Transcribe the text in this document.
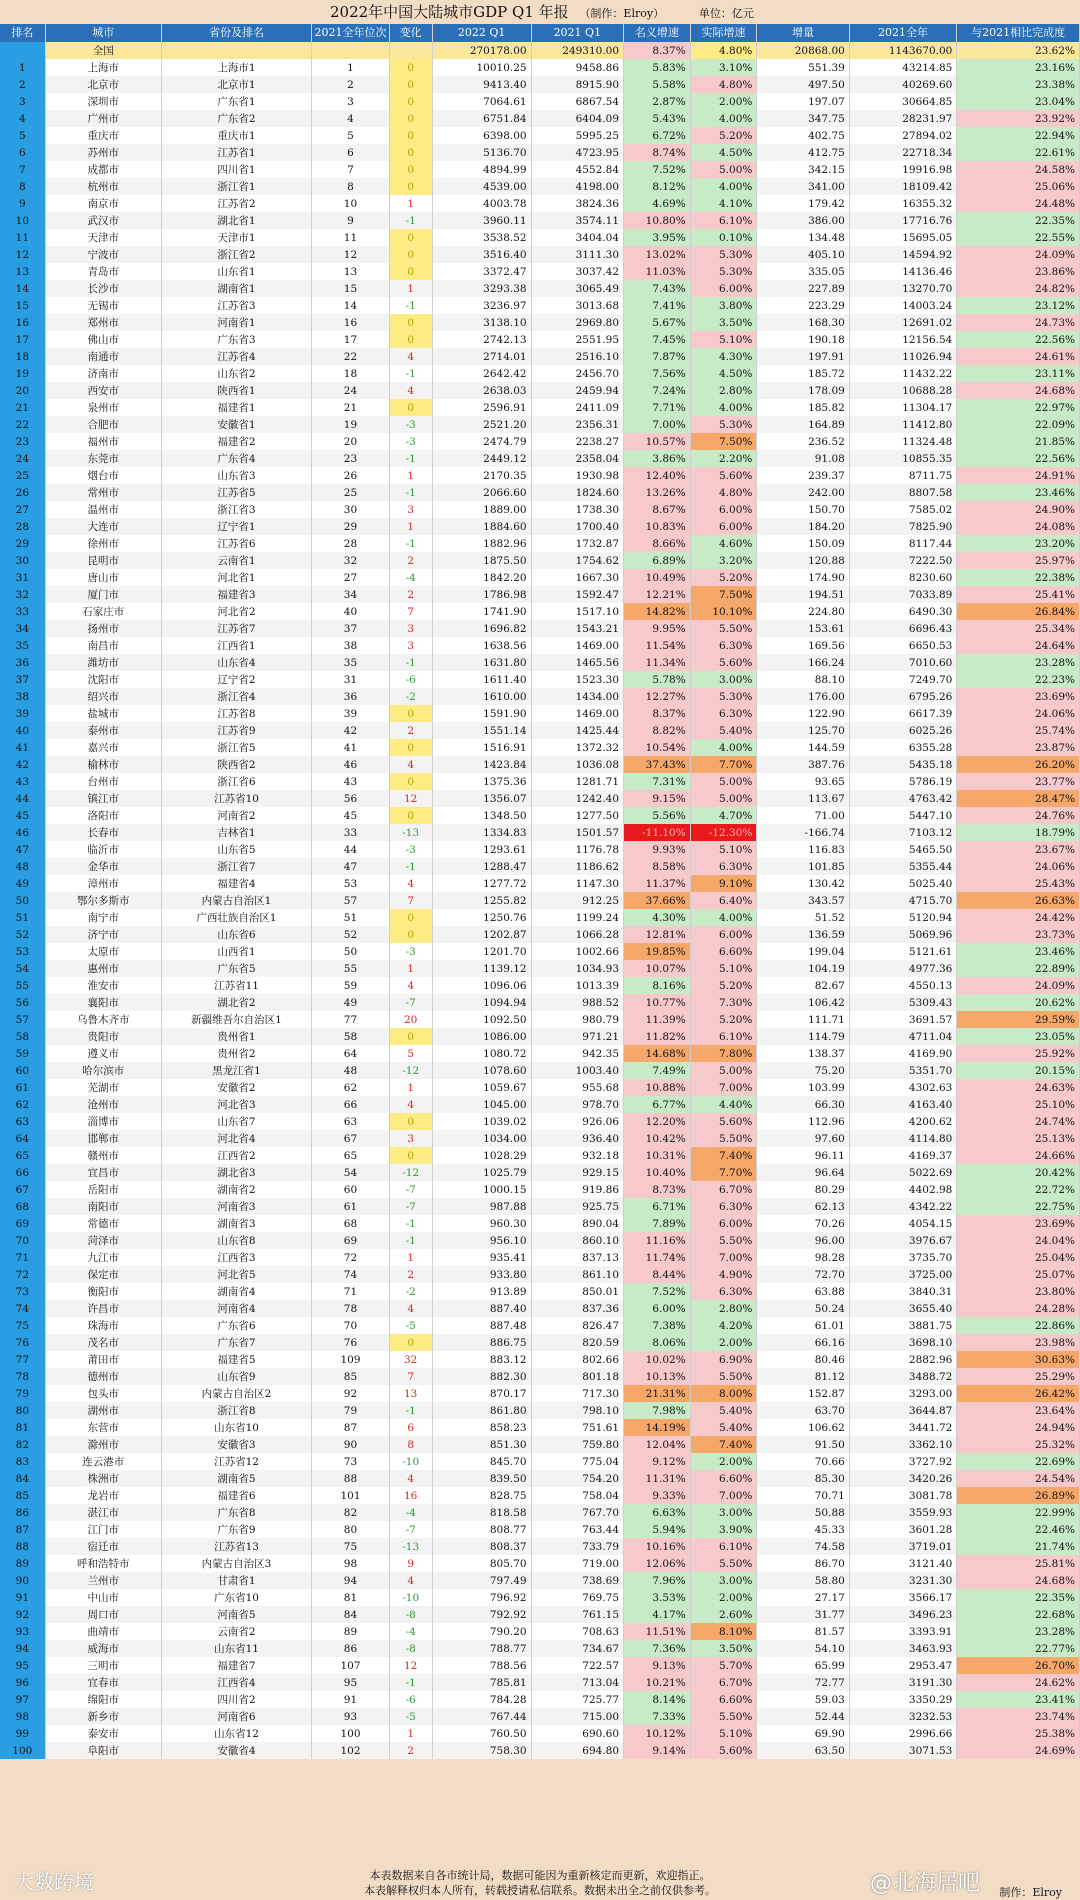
2022年中国大陆城市GDP Q1 年报 （制作：Elroy）	单位：亿元
排名	城市	省份及排名	2021全年位次	变化	2022 Q1	2021 Q1	名义增速	实际增速	增量	2021全年	与2021相比完成度
	全国				270178.00	249310.00	8.37%	4.80%	20868.00	1143670.00	23.62%
1	上海市	上海市1	1	0	10010.25	9458.86	5.83%	3.10%	551.39	43214.85	23.16%
2	北京市	北京市1	2	0	9413.40	8915.90	5.58%	4.80%	497.50	40269.60	23.38%
3	深圳市	广东省1	3	0	7064.61	6867.54	2.87%	2.00%	197.07	30664.85	23.04%
4	广州市	广东省2	4	0	6751.84	6404.09	5.43%	4.00%	347.75	28231.97	23.92%
5	重庆市	重庆市1	5	0	6398.00	5995.25	6.72%	5.20%	402.75	27894.02	22.94%
6	苏州市	江苏省1	6	0	5136.70	4723.95	8.74%	4.50%	412.75	22718.34	22.61%
7	成都市	四川省1	7	0	4894.99	4552.84	7.52%	5.00%	342.15	19916.98	24.58%
8	杭州市	浙江省1	8	0	4539.00	4198.00	8.12%	4.00%	341.00	18109.42	25.06%
9	南京市	江苏省2	10	1	4003.78	3824.36	4.69%	4.10%	179.42	16355.32	24.48%
10	武汉市	湖北省1	9	-1	3960.11	3574.11	10.80%	6.10%	386.00	17716.76	22.35%
11	天津市	天津市1	11	0	3538.52	3404.04	3.95%	0.10%	134.48	15695.05	22.55%
12	宁波市	浙江省2	12	0	3516.40	3111.30	13.02%	5.30%	405.10	14594.92	24.09%
13	青岛市	山东省1	13	0	3372.47	3037.42	11.03%	5.30%	335.05	14136.46	23.86%
14	长沙市	湖南省1	15	1	3293.38	3065.49	7.43%	6.00%	227.89	13270.70	24.82%
15	无锡市	江苏省3	14	-1	3236.97	3013.68	7.41%	3.80%	223.29	14003.24	23.12%
16	郑州市	河南省1	16	0	3138.10	2969.80	5.67%	3.50%	168.30	12691.02	24.73%
17	佛山市	广东省3	17	0	2742.13	2551.95	7.45%	5.10%	190.18	12156.54	22.56%
18	南通市	江苏省4	22	4	2714.01	2516.10	7.87%	4.30%	197.91	11026.94	24.61%
19	济南市	山东省2	18	-1	2642.42	2456.70	7.56%	4.50%	185.72	11432.22	23.11%
20	西安市	陕西省1	24	4	2638.03	2459.94	7.24%	2.80%	178.09	10688.28	24.68%
21	泉州市	福建省1	21	0	2596.91	2411.09	7.71%	4.00%	185.82	11304.17	22.97%
22	合肥市	安徽省1	19	-3	2521.20	2356.31	7.00%	5.30%	164.89	11412.80	22.09%
23	福州市	福建省2	20	-3	2474.79	2238.27	10.57%	7.50%	236.52	11324.48	21.85%
24	东莞市	广东省4	23	-1	2449.12	2358.04	3.86%	2.20%	91.08	10855.35	22.56%
25	烟台市	山东省3	26	1	2170.35	1930.98	12.40%	5.60%	239.37	8711.75	24.91%
26	常州市	江苏省5	25	-1	2066.60	1824.60	13.26%	4.80%	242.00	8807.58	23.46%
27	温州市	浙江省3	30	3	1889.00	1738.30	8.67%	6.00%	150.70	7585.02	24.90%
28	大连市	辽宁省1	29	1	1884.60	1700.40	10.83%	6.00%	184.20	7825.90	24.08%
29	徐州市	江苏省6	28	-1	1882.96	1732.87	8.66%	4.60%	150.09	8117.44	23.20%
30	昆明市	云南省1	32	2	1875.50	1754.62	6.89%	3.20%	120.88	7222.50	25.97%
31	唐山市	河北省1	27	-4	1842.20	1667.30	10.49%	5.20%	174.90	8230.60	22.38%
32	厦门市	福建省3	34	2	1786.98	1592.47	12.21%	7.50%	194.51	7033.89	25.41%
33	石家庄市	河北省2	40	7	1741.90	1517.10	14.82%	10.10%	224.80	6490.30	26.84%
34	扬州市	江苏省7	37	3	1696.82	1543.21	9.95%	5.50%	153.61	6696.43	25.34%
35	南昌市	江西省1	38	3	1638.56	1469.00	11.54%	6.30%	169.56	6650.53	24.64%
36	潍坊市	山东省4	35	-1	1631.80	1465.56	11.34%	5.60%	166.24	7010.60	23.28%
37	沈阳市	辽宁省2	31	-6	1611.40	1523.30	5.78%	3.00%	88.10	7249.70	22.23%
38	绍兴市	浙江省4	36	-2	1610.00	1434.00	12.27%	5.30%	176.00	6795.26	23.69%
39	盐城市	江苏省8	39	0	1591.90	1469.00	8.37%	6.30%	122.90	6617.39	24.06%
40	泰州市	江苏省9	42	2	1551.14	1425.44	8.82%	5.40%	125.70	6025.26	25.74%
41	嘉兴市	浙江省5	41	0	1516.91	1372.32	10.54%	4.00%	144.59	6355.28	23.87%
42	榆林市	陕西省2	46	4	1423.84	1036.08	37.43%	7.70%	387.76	5435.18	26.20%
43	台州市	浙江省6	43	0	1375.36	1281.71	7.31%	5.00%	93.65	5786.19	23.77%
44	镇江市	江苏省10	56	12	1356.07	1242.40	9.15%	5.00%	113.67	4763.42	28.47%
45	洛阳市	河南省2	45	0	1348.50	1277.50	5.56%	4.70%	71.00	5447.10	24.76%
46	长春市	吉林省1	33	-13	1334.83	1501.57	-11.10%	-12.30%	-166.74	7103.12	18.79%
47	临沂市	山东省5	44	-3	1293.61	1176.78	9.93%	5.10%	116.83	5465.50	23.67%
48	金华市	浙江省7	47	-1	1288.47	1186.62	8.58%	6.30%	101.85	5355.44	24.06%
49	漳州市	福建省4	53	4	1277.72	1147.30	11.37%	9.10%	130.42	5025.40	25.43%
50	鄂尔多斯市	内蒙古自治区1	57	7	1255.82	912.25	37.66%	6.40%	343.57	4715.70	26.63%
51	南宁市	广西壮族自治区1	51	0	1250.76	1199.24	4.30%	4.00%	51.52	5120.94	24.42%
52	济宁市	山东省6	52	0	1202.87	1066.28	12.81%	6.00%	136.59	5069.96	23.73%
53	太原市	山西省1	50	-3	1201.70	1002.66	19.85%	6.60%	199.04	5121.61	23.46%
54	惠州市	广东省5	55	1	1139.12	1034.93	10.07%	5.10%	104.19	4977.36	22.89%
55	淮安市	江苏省11	59	4	1096.06	1013.39	8.16%	5.20%	82.67	4550.13	24.09%
56	襄阳市	湖北省2	49	-7	1094.94	988.52	10.77%	7.30%	106.42	5309.43	20.62%
57	乌鲁木齐市	新疆维吾尔自治区1	77	20	1092.50	980.79	11.39%	5.20%	111.71	3691.57	29.59%
58	贵阳市	贵州省1	58	0	1086.00	971.21	11.82%	6.10%	114.79	4711.04	23.05%
59	遵义市	贵州省2	64	5	1080.72	942.35	14.68%	7.80%	138.37	4169.90	25.92%
60	哈尔滨市	黑龙江省1	48	-12	1078.60	1003.40	7.49%	5.00%	75.20	5351.70	20.15%
61	芜湖市	安徽省2	62	1	1059.67	955.68	10.88%	7.00%	103.99	4302.63	24.63%
62	沧州市	河北省3	66	4	1045.00	978.70	6.77%	4.40%	66.30	4163.40	25.10%
63	淄博市	山东省7	63	0	1039.02	926.06	12.20%	5.60%	112.96	4200.62	24.74%
64	邯郸市	河北省4	67	3	1034.00	936.40	10.42%	5.50%	97.60	4114.80	25.13%
65	赣州市	江西省2	65	0	1028.29	932.18	10.31%	7.40%	96.11	4169.37	24.66%
66	宜昌市	湖北省3	54	-12	1025.79	929.15	10.40%	7.70%	96.64	5022.69	20.42%
67	岳阳市	湖南省2	60	-7	1000.15	919.86	8.73%	6.70%	80.29	4402.98	22.72%
68	南阳市	河南省3	61	-7	987.88	925.75	6.71%	6.30%	62.13	4342.22	22.75%
69	常德市	湖南省3	68	-1	960.30	890.04	7.89%	6.00%	70.26	4054.15	23.69%
70	菏泽市	山东省8	69	-1	956.10	860.10	11.16%	5.50%	96.00	3976.67	24.04%
71	九江市	江西省3	72	1	935.41	837.13	11.74%	7.00%	98.28	3735.70	25.04%
72	保定市	河北省5	74	2	933.80	861.10	8.44%	4.90%	72.70	3725.00	25.07%
73	衡阳市	湖南省4	71	-2	913.89	850.01	7.52%	6.30%	63.88	3840.31	23.80%
74	许昌市	河南省4	78	4	887.40	837.36	6.00%	2.80%	50.24	3655.40	24.28%
75	珠海市	广东省6	70	-5	887.48	826.47	7.38%	4.20%	61.01	3881.75	22.86%
76	茂名市	广东省7	76	0	886.75	820.59	8.06%	2.00%	66.16	3698.10	23.98%
77	莆田市	福建省5	109	32	883.12	802.66	10.02%	6.90%	80.46	2882.96	30.63%
78	德州市	山东省9	85	7	882.30	801.18	10.13%	5.50%	81.12	3488.72	25.29%
79	包头市	内蒙古自治区2	92	13	870.17	717.30	21.31%	8.00%	152.87	3293.00	26.42%
80	湖州市	浙江省8	79	-1	861.80	798.10	7.98%	5.40%	63.70	3644.87	23.64%
81	东营市	山东省10	87	6	858.23	751.61	14.19%	5.40%	106.62	3441.72	24.94%
82	滁州市	安徽省3	90	8	851.30	759.80	12.04%	7.40%	91.50	3362.10	25.32%
83	连云港市	江苏省12	73	-10	845.70	775.04	9.12%	2.00%	70.66	3727.92	22.69%
84	株洲市	湖南省5	88	4	839.50	754.20	11.31%	6.60%	85.30	3420.26	24.54%
85	龙岩市	福建省6	101	16	828.75	758.04	9.33%	7.00%	70.71	3081.78	26.89%
86	湛江市	广东省8	82	-4	818.58	767.70	6.63%	3.00%	50.88	3559.93	22.99%
87	江门市	广东省9	80	-7	808.77	763.44	5.94%	3.90%	45.33	3601.28	22.46%
88	宿迁市	江苏省13	75	-13	808.37	733.79	10.16%	6.10%	74.58	3719.01	21.74%
89	呼和浩特市	内蒙古自治区3	98	9	805.70	719.00	12.06%	5.50%	86.70	3121.40	25.81%
90	兰州市	甘肃省1	94	4	797.49	738.69	7.96%	3.00%	58.80	3231.30	24.68%
91	中山市	广东省10	81	-10	796.92	769.75	3.53%	2.00%	27.17	3566.17	22.35%
92	周口市	河南省5	84	-8	792.92	761.15	4.17%	2.60%	31.77	3496.23	22.68%
93	曲靖市	云南省2	89	-4	790.20	708.63	11.51%	8.10%	81.57	3393.91	23.28%
94	威海市	山东省11	86	-8	788.77	734.67	7.36%	3.50%	54.10	3463.93	22.77%
95	三明市	福建省7	107	12	788.56	722.57	9.13%	5.70%	65.99	2953.47	26.70%
96	宜春市	江西省4	95	-1	785.81	713.04	10.21%	6.70%	72.77	3191.30	24.62%
97	绵阳市	四川省2	91	-6	784.28	725.77	8.14%	6.60%	59.03	3350.29	23.41%
98	新乡市	河南省6	93	-5	767.44	715.00	7.33%	5.50%	52.44	3232.53	23.74%
99	泰安市	山东省12	100	1	760.50	690.60	10.12%	5.10%	69.90	2996.66	25.38%
100	阜阳市	安徽省4	102	2	758.30	694.80	9.14%	5.60%	63.50	3071.53	24.69%
本表数据来自各市统计局，数据可能因为重新核定而更新，欢迎指正。
本表解释权归本人所有，转载授请私信联系。数据未出全之前仅供参考。
大数跨境	@北海居吧 制作：Elroy
